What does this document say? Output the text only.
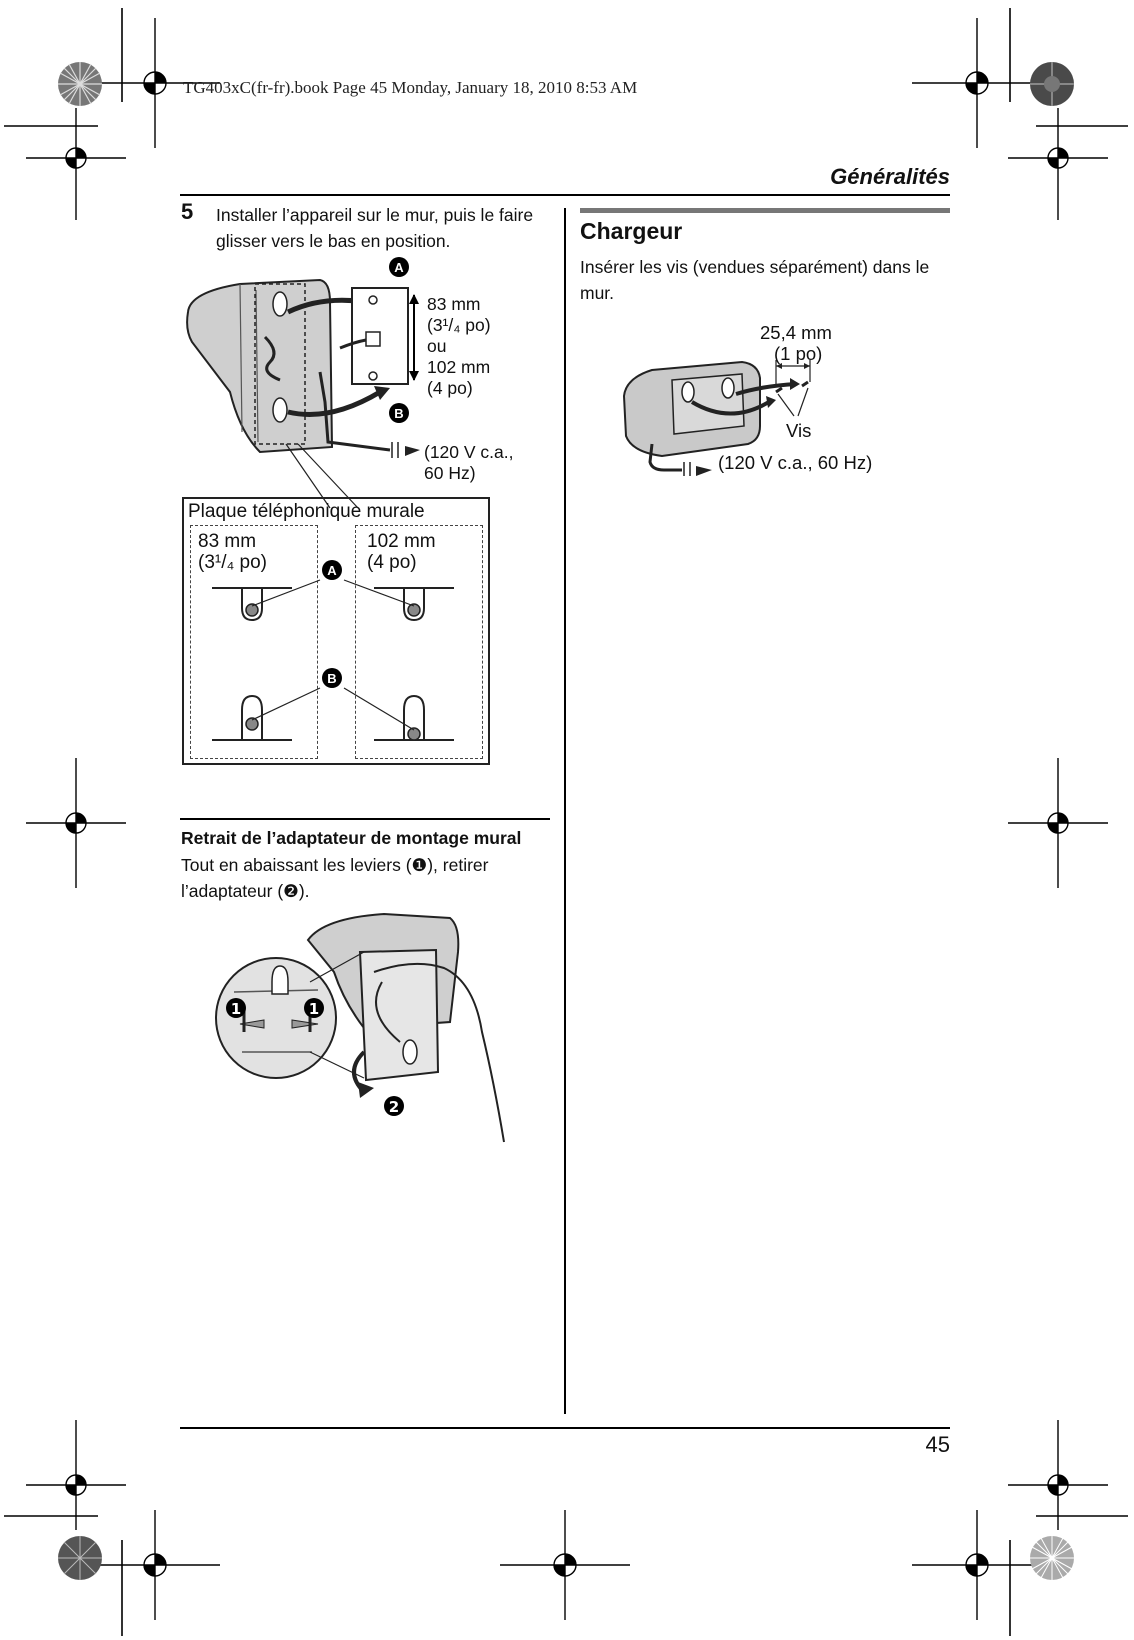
TG403xC(fr-fr).book Page 45 Monday, January 18, 2010 8:53 AM
Généralités
5 Installer l’appareil sur le mur, puis le faire
glisser vers le bas en position.
A
B
83 mm
(3¹/₄ po)
ou
102 mm
(4 po)
(120 V c.a.,
60 Hz)
Plaque téléphonique murale
83 mm
(3¹/₄ po)
102 mm
(4 po)
A
B
Retrait de l’adaptateur de montage mural
Tout en abaissant les leviers (❶), retirer
l’adaptateur (❷).
2
1	1
Chargeur
Insérer les vis (vendues séparément) dans le
mur.
25,4 mm
(1 po)
Vis
(120 V c.a., 60 Hz)
45
